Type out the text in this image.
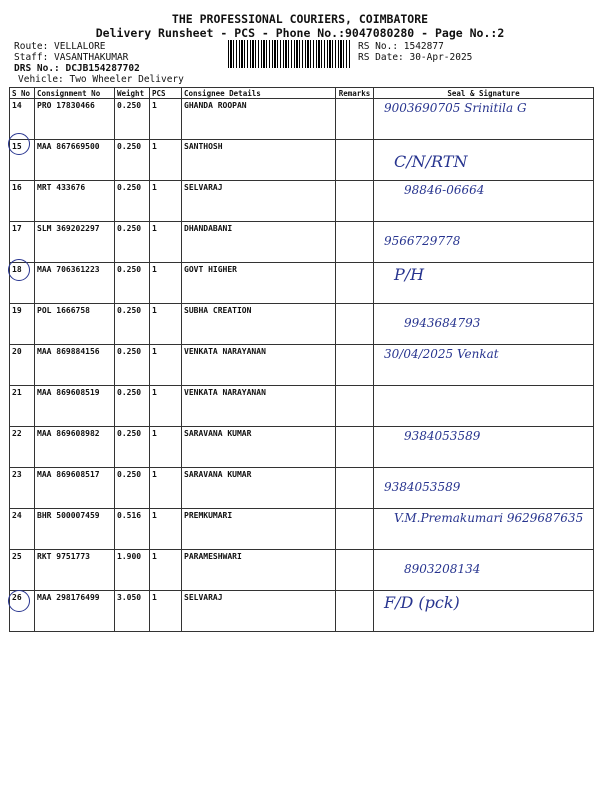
THE PROFESSIONAL COURIERS, COIMBATORE
Delivery Runsheet - PCS - Phone No.:9047080280 - Page No.:2
Route: VELLALORE
Staff: VASANTHAKUMAR
DRS No.: DCJB154287702
Vehicle: Two Wheeler Delivery
RS No.: 1542877
RS Date: 30-Apr-2025
S No	Consignment No	Weight	PCS	Consignee Details	Remarks	Seal & Signature
14	PRO 17830466	0.250	1	GHANDA ROOPAN		9003690705 Srinitila G

15	MAA 867669500	0.250	1	SANTHOSH		C/N/RTN

16	MRT 433676	0.250	1	SELVARAJ		98846-06664

17	SLM 369202297	0.250	1	DHANDABANI		9566729778

18	MAA 706361223	0.250	1	GOVT HIGHER		P/H

19	POL 1666758	0.250	1	SUBHA CREATION		9943684793

20	MAA 869884156	0.250	1	VENKATA NARAYANAN		30/04/2025 Venkat

21	MAA 869608519	0.250	1	VENKATA NARAYANAN		

22	MAA 869608982	0.250	1	SARAVANA KUMAR		9384053589

23	MAA 869608517	0.250	1	SARAVANA KUMAR		9384053589

24	BHR 500007459	0.516	1	PREMKUMARI		V.M.Premakumari 9629687635

25	RKT 9751773	1.900	1	PARAMESHWARI		8903208134

26	MAA 298176499	3.050	1	SELVARAJ		F/D (pck)
